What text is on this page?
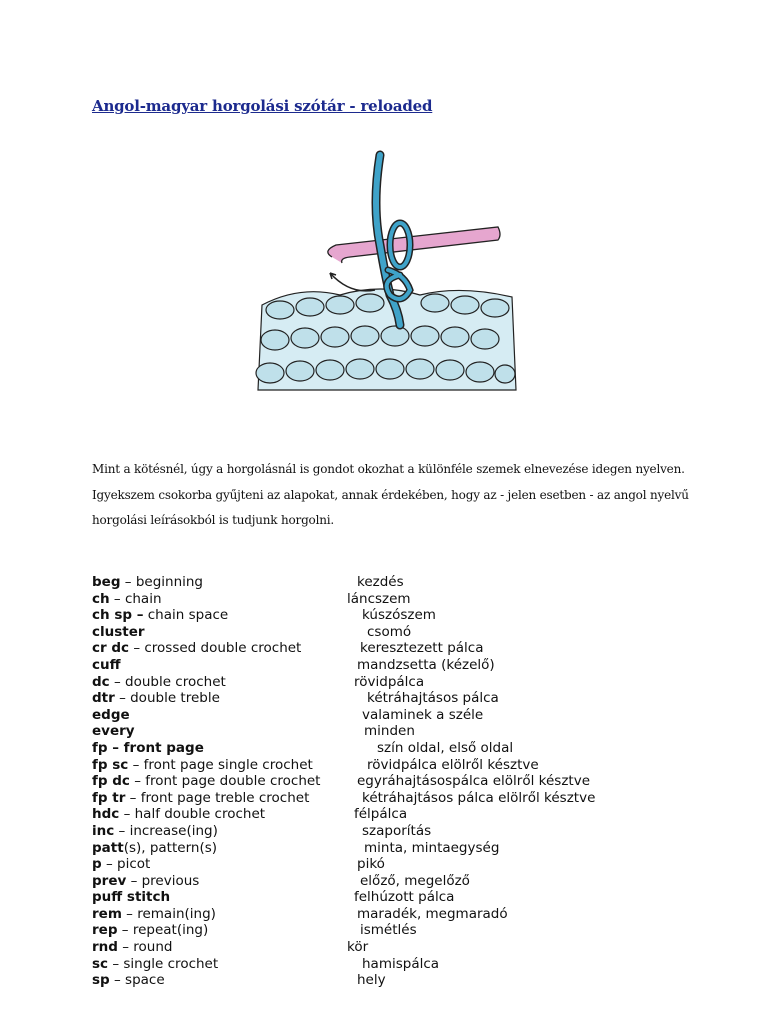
Angol-magyar horgolási szótár - reloaded

Mint a kötésnél, úgy a horgolásnál is gondot okozhat a különféle szemek elnevezése idegen nyelven.
Igyekszem csokorba gyűjteni az alapokat, annak érdekében, hogy az - jelen esetben - az angol nyelvű
horgolási leírásokból is tudjunk horgolni.

beg – beginning	kezdés
ch – chain	láncszem
ch sp – chain space	kúszószem
cluster	csomó
cr dc – crossed double crochet	keresztezett pálca
cuff	mandzsetta (kézelő)
dc – double crochet	rövidpálca
dtr – double treble	kétráhajtásos pálca
edge	valaminek a széle
every	minden
fp – front page	szín oldal, első oldal
fp sc – front page single crochet	rövidpálca elölről késztve
fp dc – front page double crochet	egyráhajtásospálca elölről késztve
fp tr – front page treble crochet	kétráhajtásos pálca elölről késztve
hdc – half double crochet	félpálca
inc – increase(ing)	szaporítás
patt(s), pattern(s)	minta, mintaegység
p – picot	pikó
prev – previous	előző, megelőző
puff stitch	felhúzott pálca
rem – remain(ing)	maradék, megmaradó
rep – repeat(ing)	ismétlés
rnd – round	kör
sc – single crochet	hamispálca
sp – space	hely
